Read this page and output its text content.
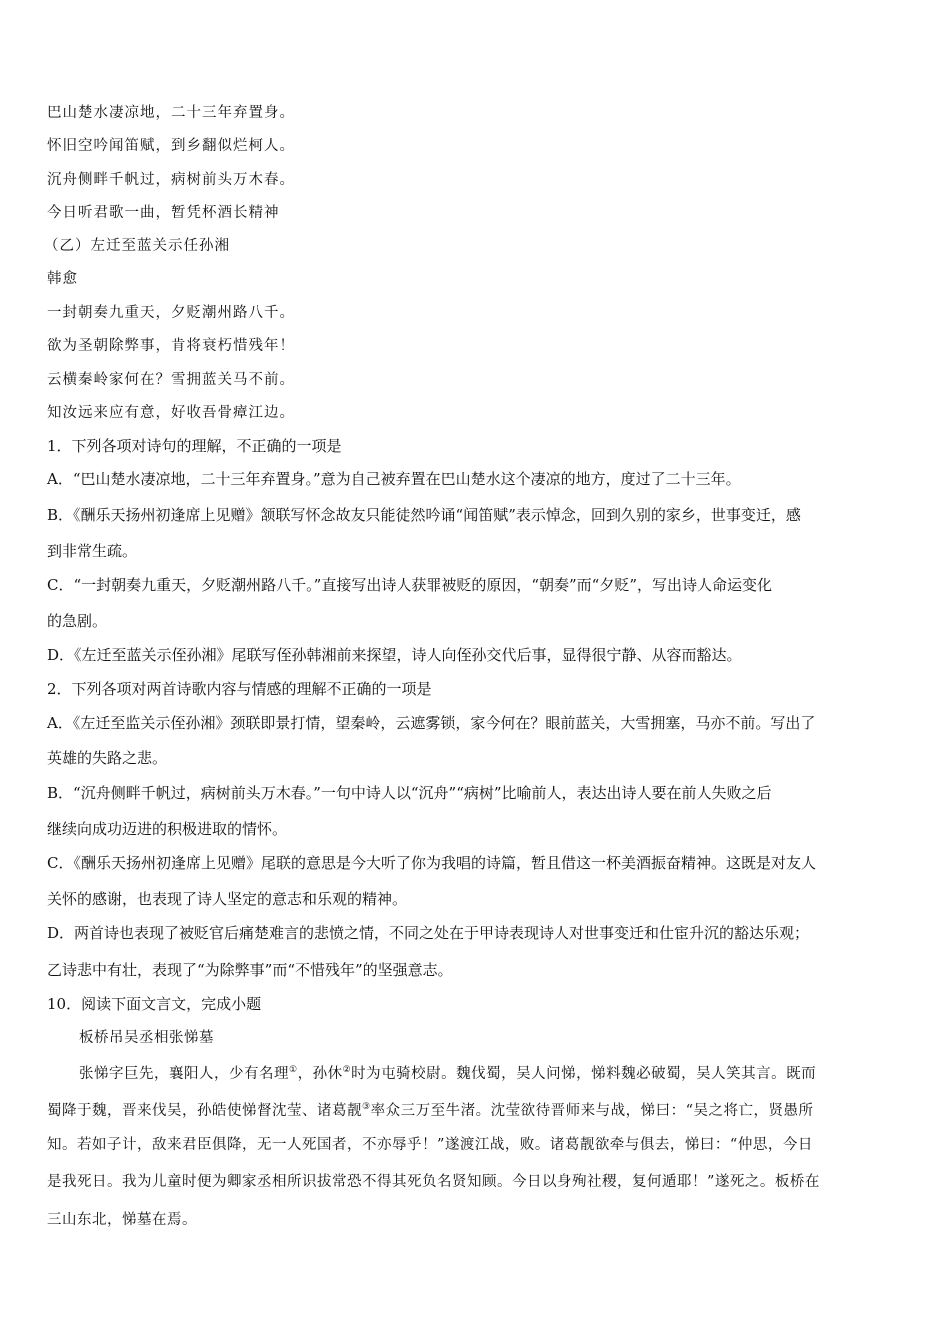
巴山楚水凄凉地，二十三年弃置身。
怀旧空吟闻笛赋，到乡翻似烂柯人。
沉舟侧畔千帆过，病树前头万木春。
今日听君歌一曲，暂凭杯酒长精神
（乙）左迁至蓝关示任孙湘
韩愈
一封朝奏九重天，夕贬潮州路八千。
欲为圣朝除弊事，肯将衰朽惜残年！
云横秦岭家何在？雪拥蓝关马不前。
知汝远来应有意，好收吾骨瘴江边。
1．下列各项对诗句的理解，不正确的一项是
A．“巴山楚水凄凉地，二十三年弃置身。”意为自己被弃置在巴山楚水这个凄凉的地方，度过了二十三年。
B．《酬乐天扬州初逢席上见赠》颔联写怀念故友只能徒然吟诵“闻笛赋”表示悼念，回到久别的家乡，世事变迁，感
到非常生疏。
C．“一封朝奏九重天，夕贬潮州路八千。”直接写出诗人获罪被贬的原因，“朝奏”而“夕贬”，写出诗人命运变化
的急剧。
D．《左迁至蓝关示侄孙湘》尾联写侄孙韩湘前来探望，诗人向侄孙交代后事，显得很宁静、从容而豁达。
2．下列各项对两首诗歌内容与情感的理解不正确的一项是
A．《左迁至监关示侄孙湘》颈联即景打情，望秦岭，云遮雾锁，家今何在？眼前蓝关，大雪拥塞，马亦不前。写出了
英雄的失路之悲。
B．“沉舟侧畔千帆过，病树前头万木春。”一句中诗人以“沉舟”“病树”比喻前人，表达出诗人要在前人失败之后
继续向成功迈进的积极进取的情怀。
C．《酬乐天扬州初逢席上见赠》尾联的意思是今大听了你为我唱的诗篇，暂且借这一杯美酒振奋精神。这既是对友人
关怀的感谢，也表现了诗人坚定的意志和乐观的精神。
D．两首诗也表现了被贬官后痛楚难言的悲愤之情，不同之处在于甲诗表现诗人对世事变迁和仕宦升沉的豁达乐观；
乙诗悲中有壮，表现了“为除弊事”而“不惜残年”的坚强意志。
10．阅读下面文言文，完成小题
板桥吊吴丞相张悌墓
张悌字巨先，襄阳人，少有名理①，孙休②时为屯骑校尉。魏伐蜀，吴人问悌，悌料魏必破蜀，吴人笑其言。既而
蜀降于魏，晋来伐吴，孙皓使悌督沈莹、诸葛靓③率众三万至牛渚。沈莹欲待晋师来与战，悌曰：“吴之将亡，贤愚所
知。若如子计，敌来君臣俱降，无一人死国者，不亦辱乎！”遂渡江战，败。诸葛靓欲牵与俱去，悌曰：“仲思，今日
是我死日。我为儿童时便为卿家丞相所识拔常恐不得其死负名贤知顾。今日以身殉社稷，复何遁耶！”遂死之。板桥在
三山东北，悌墓在焉。
